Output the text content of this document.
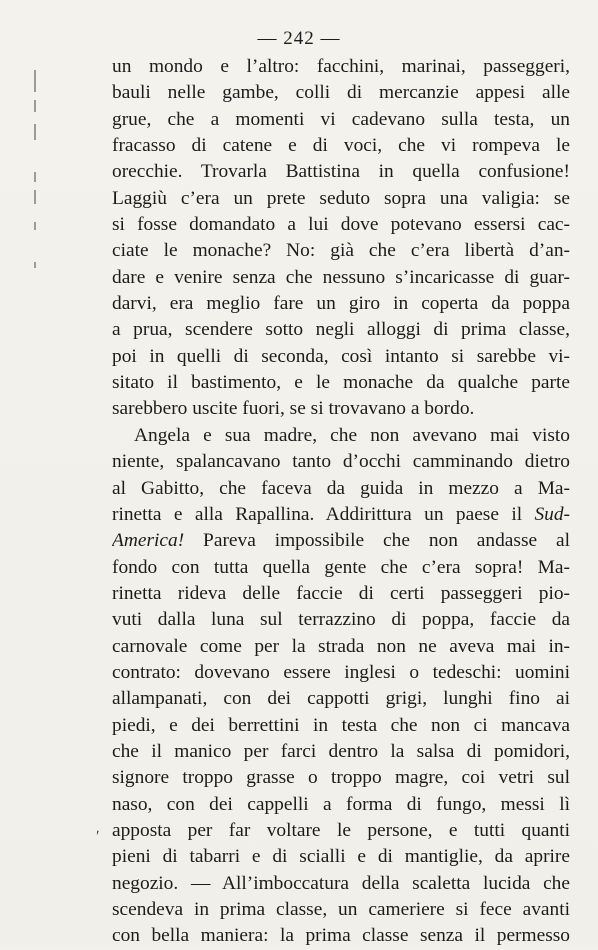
— 242 —
un mondo e l’altro: facchini, marinai, passeggeri,
bauli nelle gambe, colli di mercanzie appesi alle
grue, che a momenti vi cadevano sulla testa, un
fracasso di catene e di voci, che vi rompeva le
orecchie. Trovarla Battistina in quella confusione!
Laggiù c’era un prete seduto sopra una valigia: se
si fosse domandato a lui dove potevano essersi cac-
ciate le monache? No: già che c’era libertà d’an-
dare e venire senza che nessuno s’incaricasse di guar-
darvi, era meglio fare un giro in coperta da poppa
a prua, scendere sotto negli alloggi di prima classe,
poi in quelli di seconda, così intanto si sarebbe vi-
sitato il bastimento, e le monache da qualche parte
sarebbero uscite fuori, se si trovavano a bordo.
Angela e sua madre, che non avevano mai visto
niente, spalancavano tanto d’occhi camminando dietro
al Gabitto, che faceva da guida in mezzo a Ma-
rinetta e alla Rapallina. Addirittura un paese il Sud-
America! Pareva impossibile che non andasse al
fondo con tutta quella gente che c’era sopra! Ma-
rinetta rideva delle faccie di certi passeggeri pio-
vuti dalla luna sul terrazzino di poppa, faccie da
carnovale come per la strada non ne aveva mai in-
contrato: dovevano essere inglesi o tedeschi: uomini
allampanati, con dei cappotti grigi, lunghi fino ai
piedi, e dei berrettini in testa che non ci mancava
che il manico per farci dentro la salsa di pomidori,
signore troppo grasse o troppo magre, coi vetri sul
naso, con dei cappelli a forma di fungo, messi lì
apposta per far voltare le persone, e tutti quanti
pieni di tabarri e di scialli e di mantiglie, da aprire
negozio. — All’imboccatura della scaletta lucida che
scendeva in prima classe, un cameriere si fece avanti
con bella maniera: la prima classe senza il permesso
ʹ
